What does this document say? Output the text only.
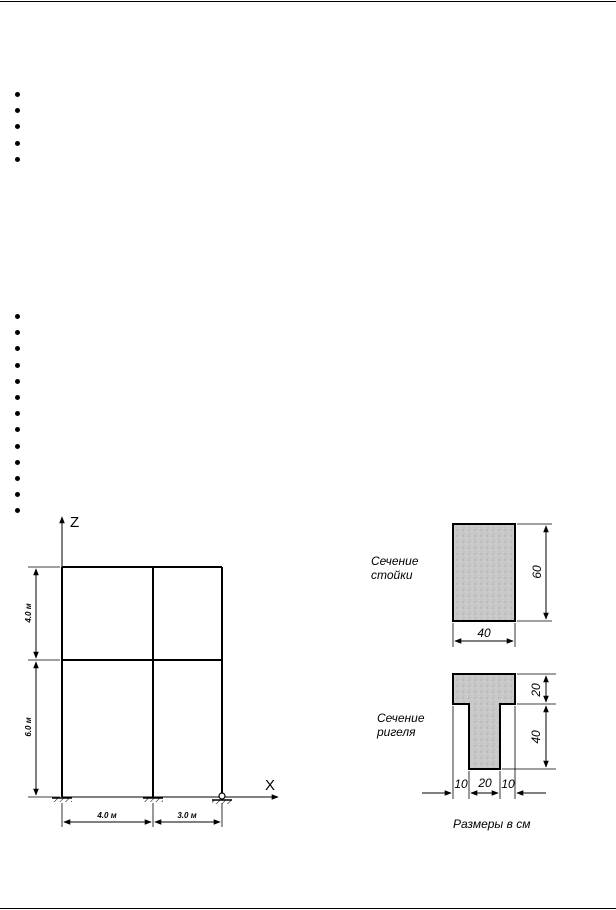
Z
X
4.0 м
6.0 м
4.0 м	3.0 м
Сечение
стойки	60
40
Сечение
ригеля
20
40
10 20 10
Размеры в см
